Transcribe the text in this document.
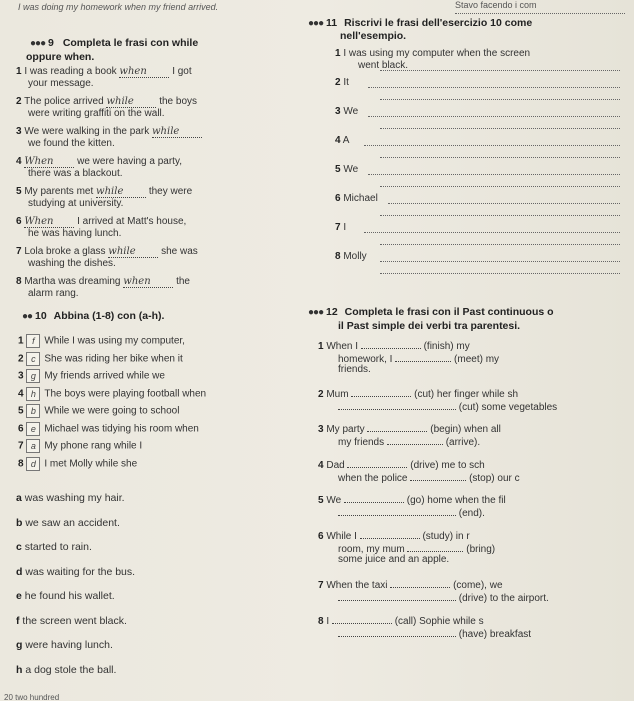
I was doing my homework when my friend arrived.	Stavo facendo i com
●●● 9 Completa le frasi con while
oppure when.
1 I was reading a book when	I got
your message.
2 The police arrived while	the boys
were writing graffiti on the wall.
3 We were walking in the park while
we found the kitten.
4 When we were having a party,
there was a blackout.
5 My parents met while	they were
studying at university.
6 When I arrived at Matt's house,
he was having lunch.
7 Lola broke a glass while	she was
washing the dishes.
8 Martha was dreaming when	the
alarm rang.
●●● 11 Riscrivi le frasi dell'esercizio 10 come
nell'esempio.
1 I was using my computer when the screen
went black.
2 It
3 We
4 A
5 We
6 Michael
7 I
8 Molly
●● 10 Abbina (1-8) con (a-h).
1 f While I was using my computer,
2 c She was riding her bike when it
3 g My friends arrived while we
4 h The boys were playing football when
5 b While we were going to school
6 e Michael was tidying his room when
7 a My phone rang while I
8 d I met Molly while she
a was washing my hair.
b we saw an accident.
c started to rain.
d was waiting for the bus.
e he found his wallet.
f the screen went black.
g were having lunch.
h a dog stole the ball.
●●● 12 Completa le frasi con il Past continuous o
il Past simple dei verbi tra parentesi.
1 When I	(finish) my
homework, I	(meet) my
friends.
2 Mum	(cut) her finger while sh
(cut) some vegetables
3 My party	(begin) when all
my friends	(arrive).
4 Dad	(drive) me to sch
when the police	(stop) our c
5 We	(go) home when the fil
(end).
6 While I	(study) in r
room, my mum	(bring)
some juice and an apple.
7 When the taxi	(come), we
(drive) to the airport.
8 I	(call) Sophie while s
(have) breakfast
20 two hundred
